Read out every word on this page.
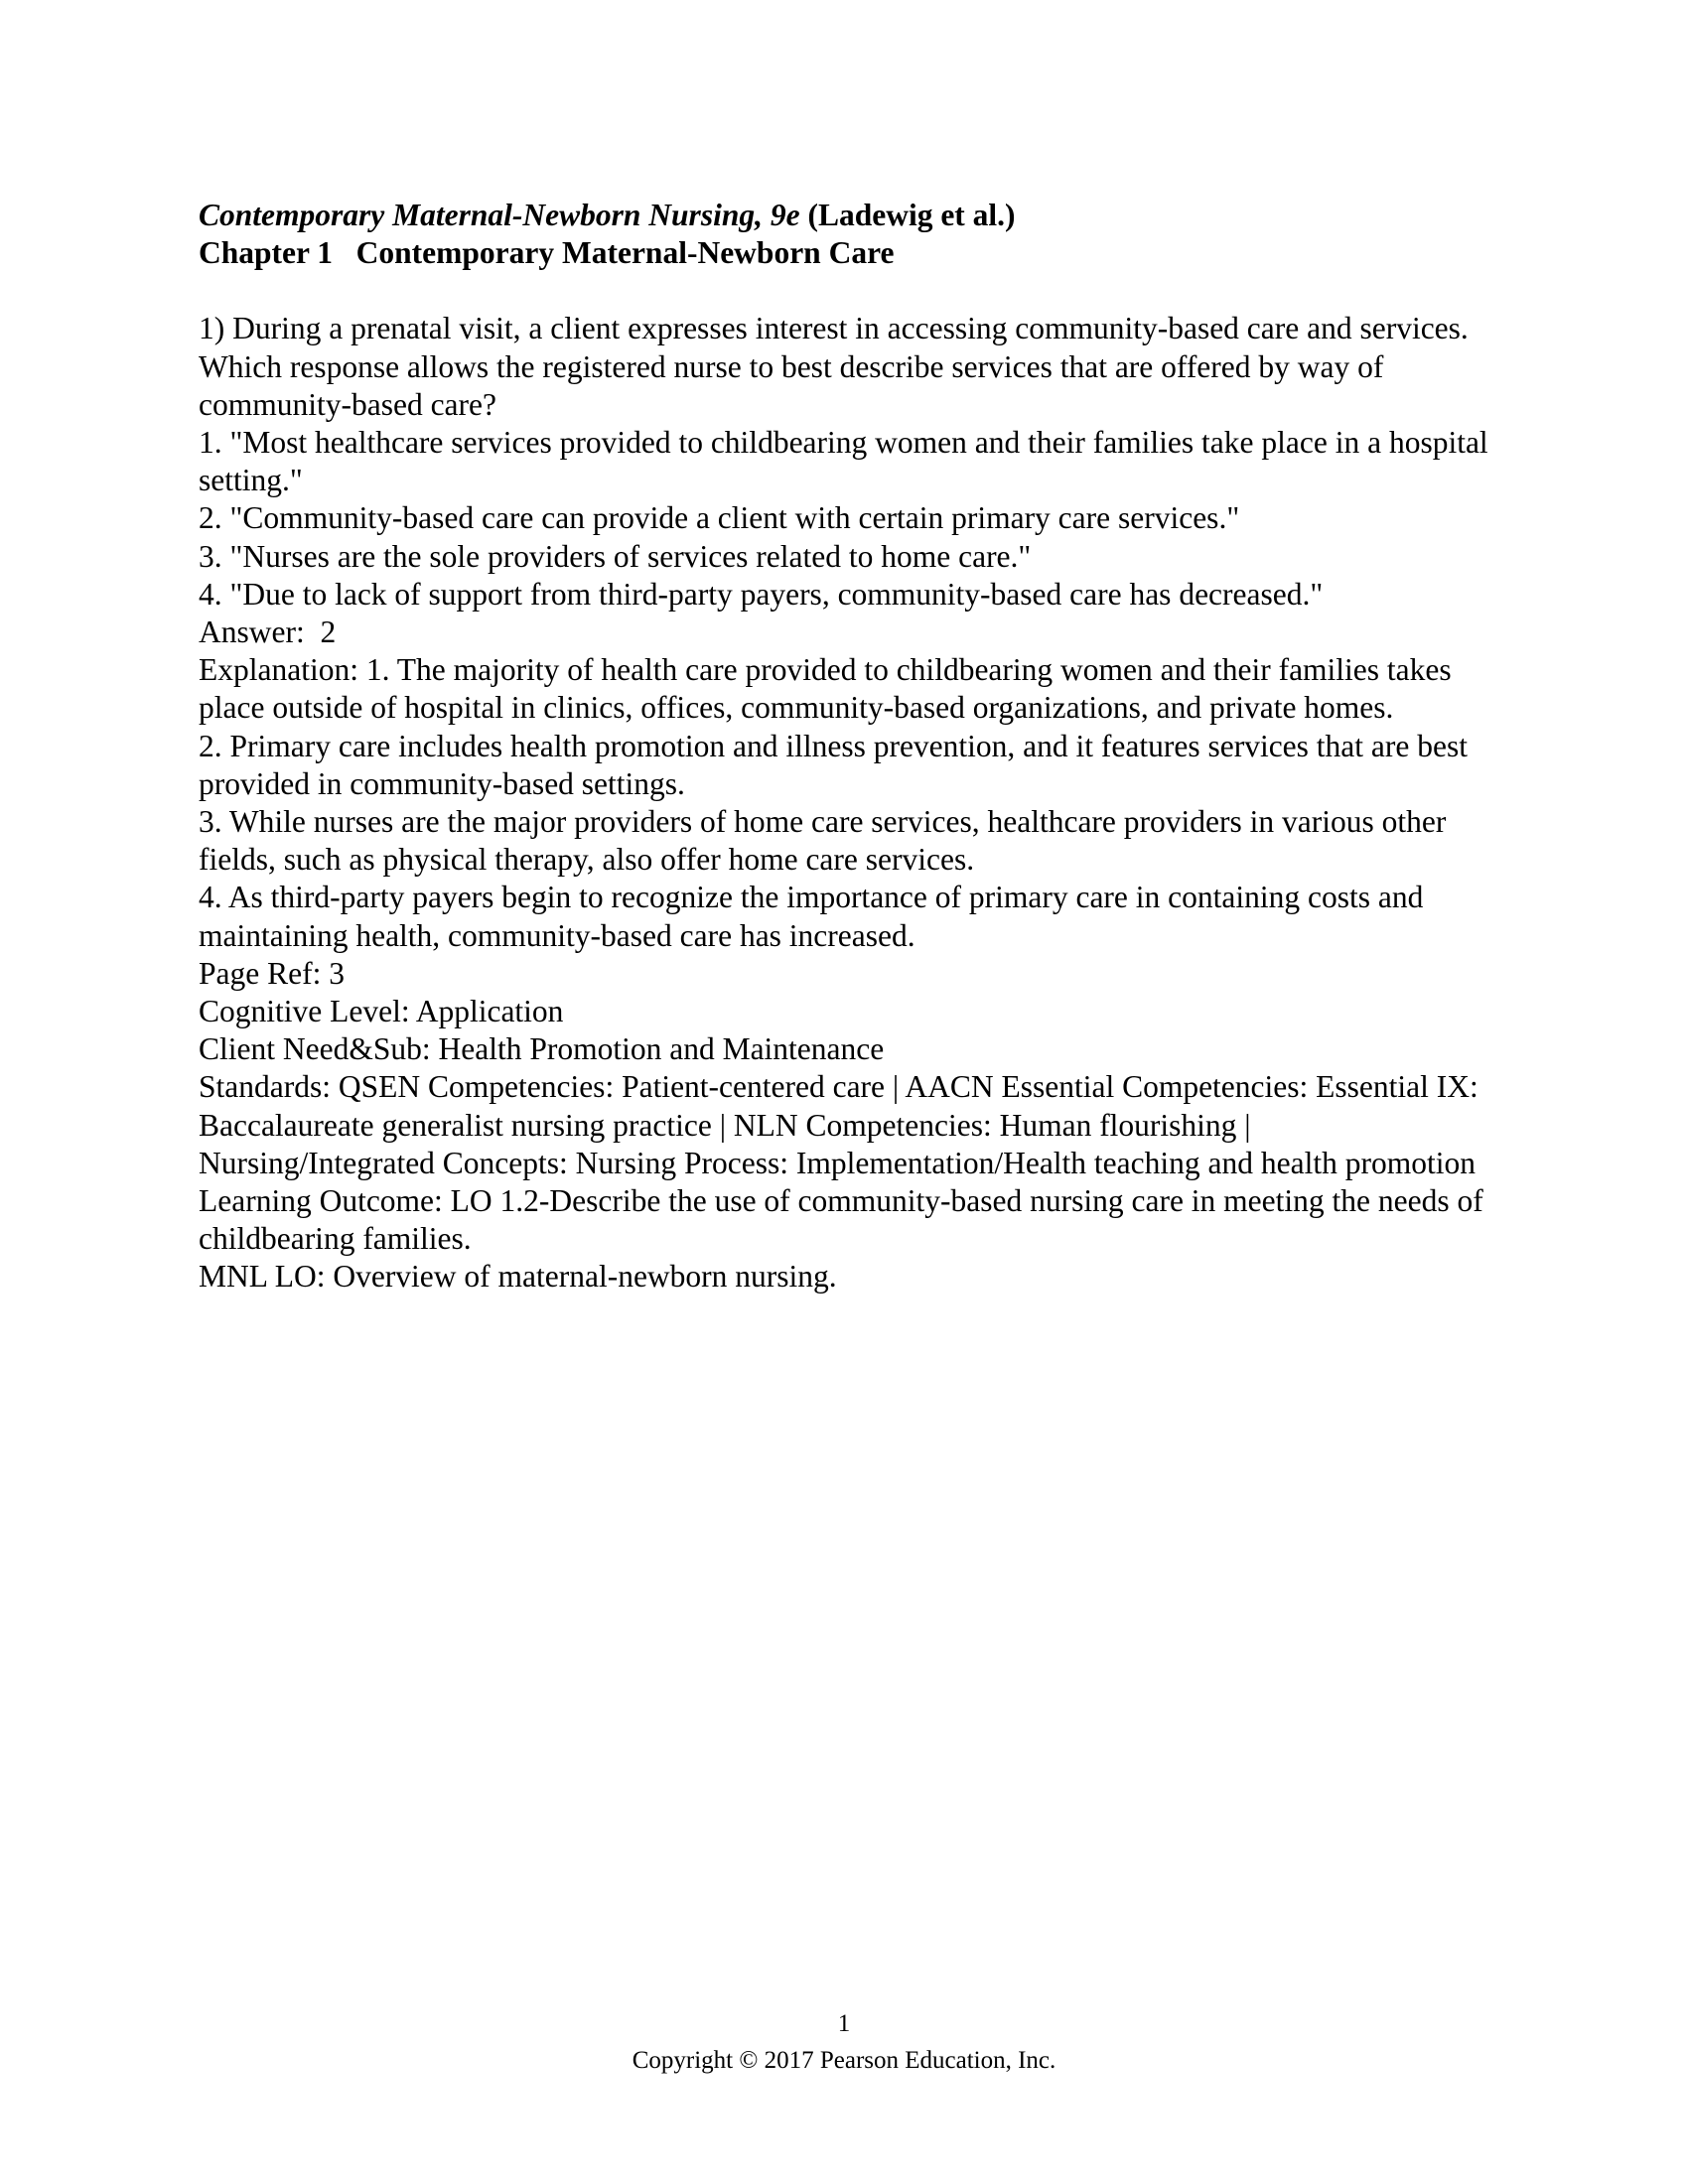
Contemporary Maternal-Newborn Nursing, 9e (Ladewig et al.)

Chapter 1   Contemporary Maternal-Newborn Care

1) During a prenatal visit, a client expresses interest in accessing community-based care and services. Which response allows the registered nurse to best describe services that are offered by way of community-based care?

1. "Most healthcare services provided to childbearing women and their families take place in a hospital setting."

2. "Community-based care can provide a client with certain primary care services."

3. "Nurses are the sole providers of services related to home care."

4. "Due to lack of support from third-party payers, community-based care has decreased."

Answer:  2

Explanation: 1. The majority of health care provided to childbearing women and their families takes place outside of hospital in clinics, offices, community-based organizations, and private homes.

2. Primary care includes health promotion and illness prevention, and it features services that are best provided in community-based settings.

3. While nurses are the major providers of home care services, healthcare providers in various other fields, such as physical therapy, also offer home care services.

4. As third-party payers begin to recognize the importance of primary care in containing costs and maintaining health, community-based care has increased.

Page Ref: 3

Cognitive Level: Application

Client Need&Sub: Health Promotion and Maintenance

Standards: QSEN Competencies: Patient-centered care | AACN Essential Competencies: Essential IX: Baccalaureate generalist nursing practice | NLN Competencies: Human flourishing | Nursing/Integrated Concepts: Nursing Process: Implementation/Health teaching and health promotion

Learning Outcome: LO 1.2-Describe the use of community-based nursing care in meeting the needs of childbearing families.

MNL LO: Overview of maternal-newborn nursing.

1
Copyright © 2017 Pearson Education, Inc.
